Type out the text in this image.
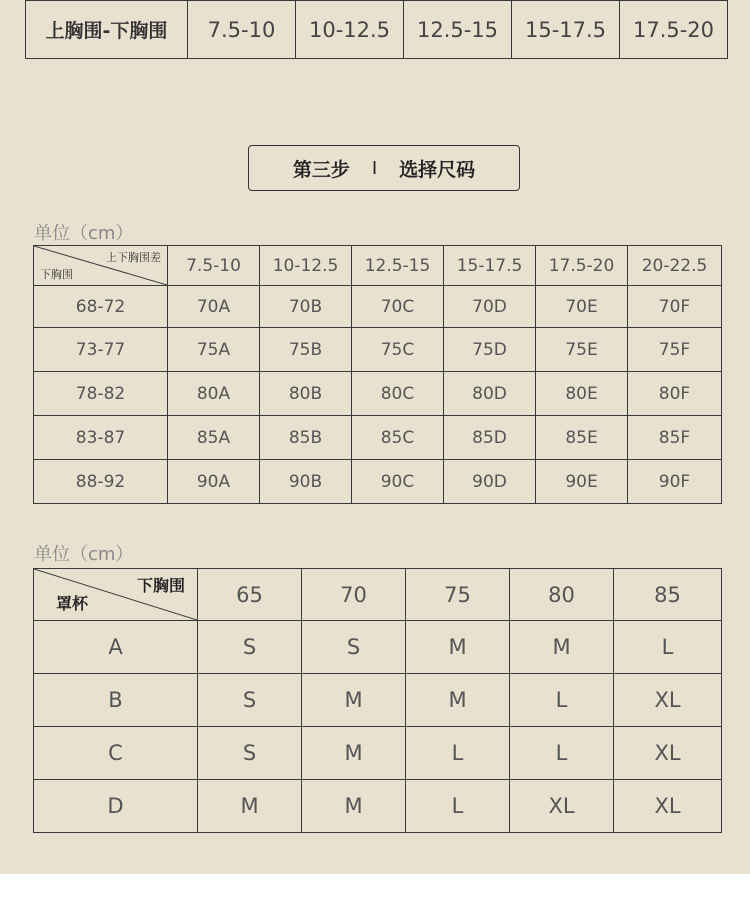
上胸围-下胸围	7.5-10	10-12.5	12.5-15	15-17.5	17.5-20
第三步 I 选择尺码
单位（cm）
上下胸围差
下胸围	7.5-10	10-12.5	12.5-15	15-17.5	17.5-20	20-22.5
68-72	70A	70B	70C	70D	70E	70F
73-77	75A	75B	75C	75D	75E	75F
78-82	80A	80B	80C	80D	80E	80F
83-87	85A	85B	85C	85D	85E	85F
88-92	90A	90B	90C	90D	90E	90F
单位（cm）
下胸围
罩杯	65	70	75	80	85
A	S	S	M	M	L
B	S	M	M	L	XL
C	S	M	L	L	XL
D	M	M	L	XL	XL
